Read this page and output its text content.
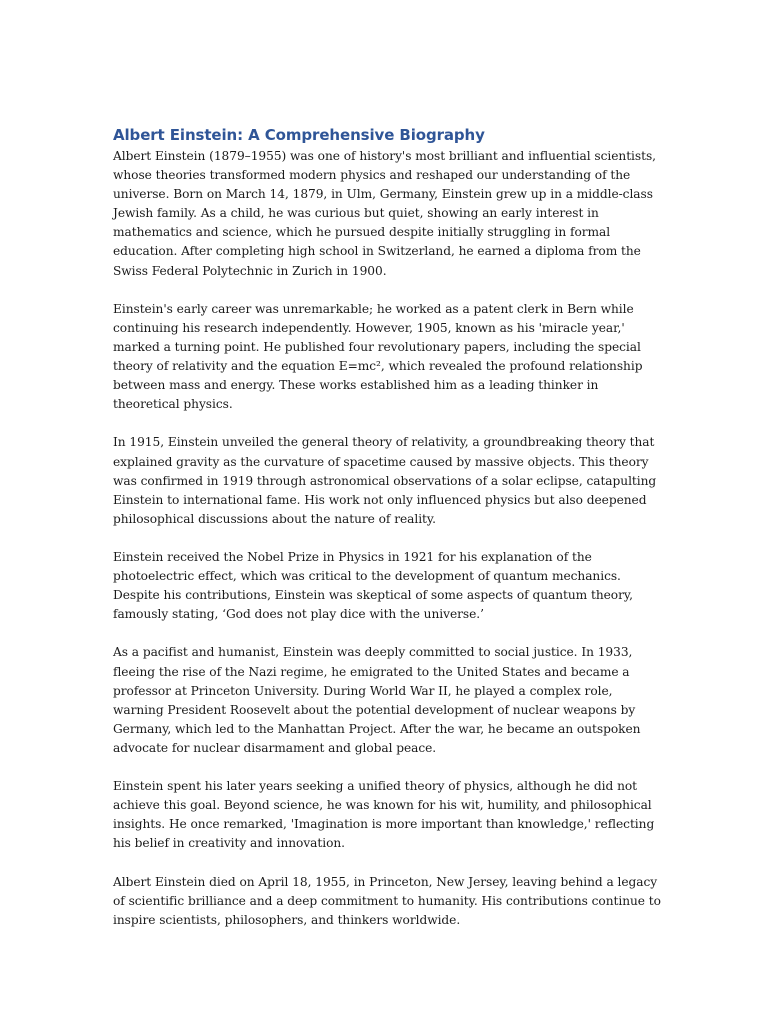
Albert Einstein: A Comprehensive Biography

Albert Einstein (1879–1955) was one of history's most brilliant and influential scientists, whose theories transformed modern physics and reshaped our understanding of the universe. Born on March 14, 1879, in Ulm, Germany, Einstein grew up in a middle-class Jewish family. As a child, he was curious but quiet, showing an early interest in mathematics and science, which he pursued despite initially struggling in formal education. After completing high school in Switzerland, he earned a diploma from the Swiss Federal Polytechnic in Zurich in 1900.

Einstein's early career was unremarkable; he worked as a patent clerk in Bern while continuing his research independently. However, 1905, known as his 'miracle year,' marked a turning point. He published four revolutionary papers, including the special theory of relativity and the equation E=mc², which revealed the profound relationship between mass and energy. These works established him as a leading thinker in theoretical physics.

In 1915, Einstein unveiled the general theory of relativity, a groundbreaking theory that explained gravity as the curvature of spacetime caused by massive objects. This theory was confirmed in 1919 through astronomical observations of a solar eclipse, catapulting Einstein to international fame. His work not only influenced physics but also deepened philosophical discussions about the nature of reality.

Einstein received the Nobel Prize in Physics in 1921 for his explanation of the photoelectric effect, which was critical to the development of quantum mechanics. Despite his contributions, Einstein was skeptical of some aspects of quantum theory, famously stating, ‘God does not play dice with the universe.’

As a pacifist and humanist, Einstein was deeply committed to social justice. In 1933, fleeing the rise of the Nazi regime, he emigrated to the United States and became a professor at Princeton University. During World War II, he played a complex role, warning President Roosevelt about the potential development of nuclear weapons by Germany, which led to the Manhattan Project. After the war, he became an outspoken advocate for nuclear disarmament and global peace.

Einstein spent his later years seeking a unified theory of physics, although he did not achieve this goal. Beyond science, he was known for his wit, humility, and philosophical insights. He once remarked, 'Imagination is more important than knowledge,' reflecting his belief in creativity and innovation.

Albert Einstein died on April 18, 1955, in Princeton, New Jersey, leaving behind a legacy of scientific brilliance and a deep commitment to humanity. His contributions continue to inspire scientists, philosophers, and thinkers worldwide.
